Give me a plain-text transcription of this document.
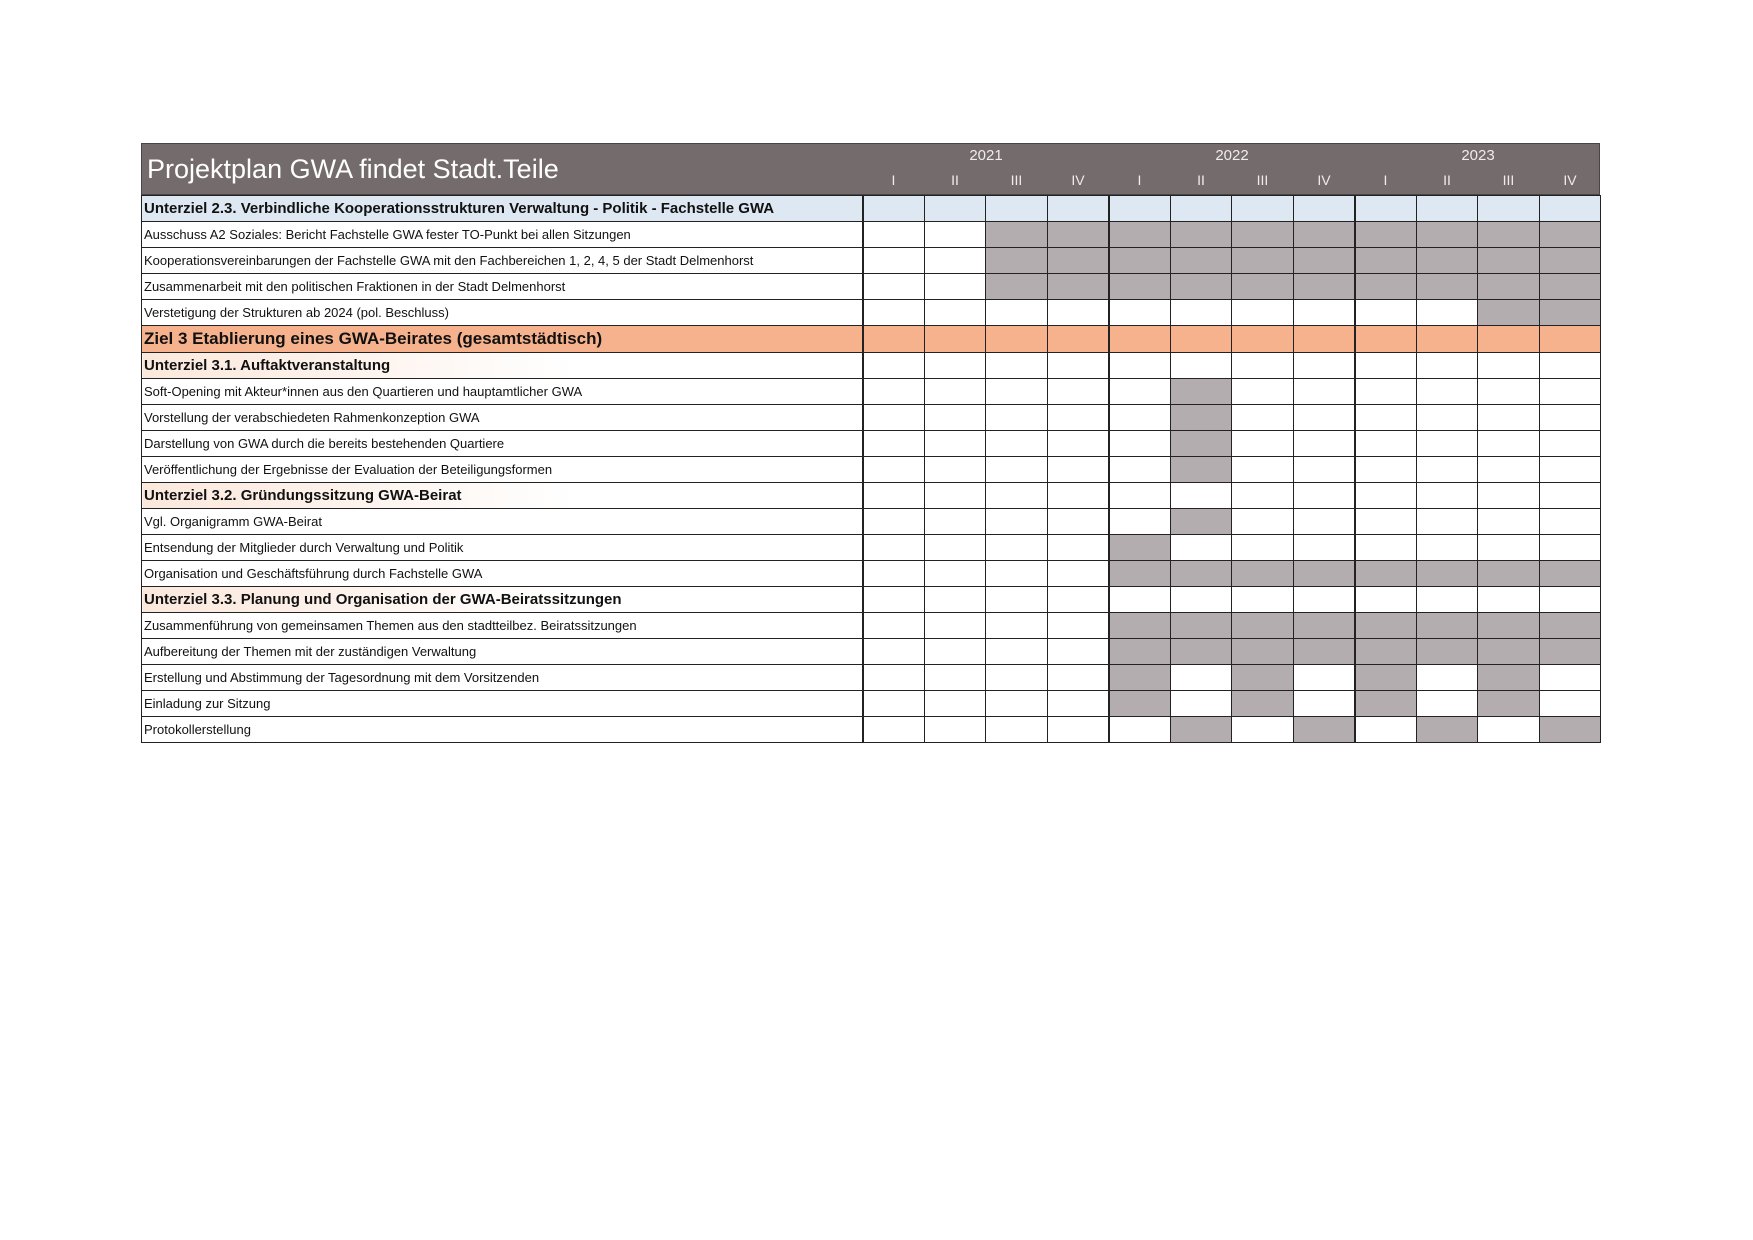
Projektplan GWA findet Stadt.Teile	2021	2022	2023
I	II	III	IV	I	II	III	IV	I	II	III	IV
Unterziel 2.3. Verbindliche Kooperationsstrukturen Verwaltung - Politik - Fachstelle GWA												
Ausschuss A2 Soziales: Bericht Fachstelle GWA fester TO-Punkt bei allen Sitzungen												
Kooperationsvereinbarungen der Fachstelle GWA mit den Fachbereichen 1, 2, 4, 5 der Stadt Delmenhorst												
Zusammenarbeit mit den politischen Fraktionen in der Stadt Delmenhorst												
Verstetigung der Strukturen ab 2024 (pol. Beschluss)												
Ziel 3 Etablierung eines GWA-Beirates (gesamtstädtisch)												
Unterziel 3.1. Auftaktveranstaltung												
Soft-Opening mit Akteur*innen aus den Quartieren und hauptamtlicher GWA												
Vorstellung der verabschiedeten Rahmenkonzeption GWA												
Darstellung von GWA durch die bereits bestehenden Quartiere												
Veröffentlichung der Ergebnisse der Evaluation der Beteiligungsformen												
Unterziel 3.2. Gründungssitzung GWA-Beirat												
Vgl. Organigramm GWA-Beirat												
Entsendung der Mitglieder durch Verwaltung und Politik												
Organisation und Geschäftsführung durch Fachstelle GWA												
Unterziel 3.3. Planung und Organisation der GWA-Beiratssitzungen												
Zusammenführung von gemeinsamen Themen aus den stadtteilbez. Beiratssitzungen												
Aufbereitung der Themen mit der zuständigen Verwaltung												
Erstellung und Abstimmung der Tagesordnung mit dem Vorsitzenden												
Einladung zur Sitzung												
Protokollerstellung												
